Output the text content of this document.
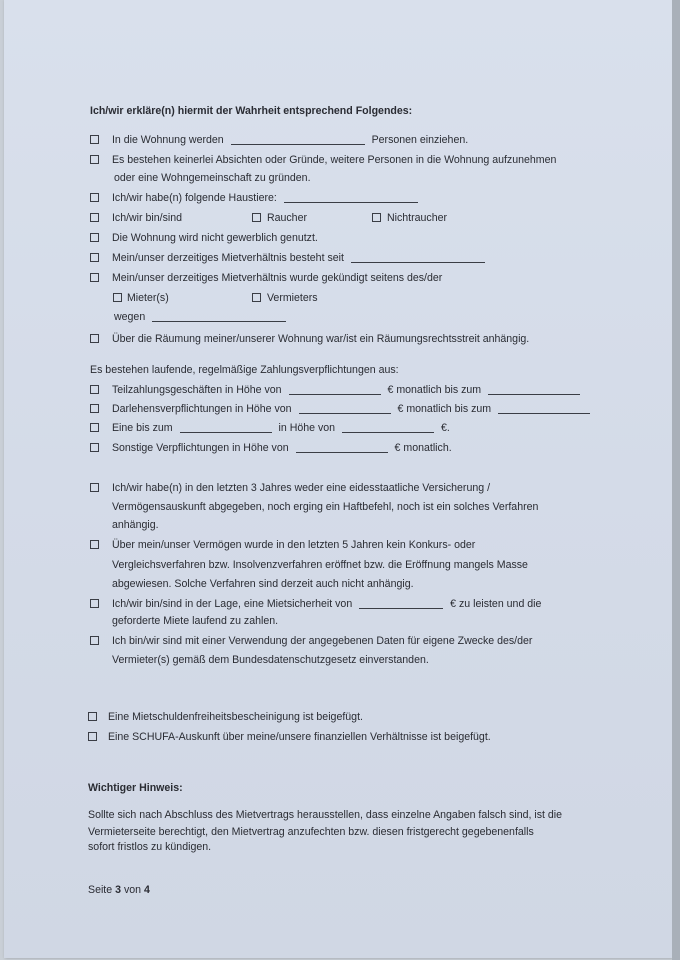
Ich/wir erkläre(n) hiermit der Wahrheit entsprechend Folgendes:
In die Wohnung werden	Personen einziehen.
Es bestehen keinerlei Absichten oder Gründe, weitere Personen in die Wohnung aufzunehmen
oder eine Wohngemeinschaft zu gründen.
Ich/wir habe(n) folgende Haustiere:
Ich/wir bin/sind	Raucher	Nichtraucher
Die Wohnung wird nicht gewerblich genutzt.
Mein/unser derzeitiges Mietverhältnis besteht seit
Mein/unser derzeitiges Mietverhältnis wurde gekündigt seitens des/der
Mieter(s)	Vermieters
wegen
Über die Räumung meiner/unserer Wohnung war/ist ein Räumungsrechtsstreit anhängig.
Es bestehen laufende, regelmäßige Zahlungsverpflichtungen aus:
Teilzahlungsgeschäften in Höhe von	€ monatlich bis zum
Darlehensverpflichtungen in Höhe von	€ monatlich bis zum
Eine bis zum	in Höhe von	€.
Sonstige Verpflichtungen in Höhe von	€ monatlich.
Ich/wir habe(n) in den letzten 3 Jahres weder eine eidesstaatliche Versicherung /
Vermögensauskunft abgegeben, noch erging ein Haftbefehl, noch ist ein solches Verfahren
anhängig.
Über mein/unser Vermögen wurde in den letzten 5 Jahren kein Konkurs- oder
Vergleichsverfahren bzw. Insolvenzverfahren eröffnet bzw. die Eröffnung mangels Masse
abgewiesen. Solche Verfahren sind derzeit auch nicht anhängig.
Ich/wir bin/sind in der Lage, eine Mietsicherheit von	€ zu leisten und die
geforderte Miete laufend zu zahlen.
Ich bin/wir sind mit einer Verwendung der angegebenen Daten für eigene Zwecke des/der
Vermieter(s) gemäß dem Bundesdatenschutzgesetz einverstanden.
Eine Mietschuldenfreiheitsbescheinigung ist beigefügt.
Eine SCHUFA-Auskunft über meine/unsere finanziellen Verhältnisse ist beigefügt.
Wichtiger Hinweis:
Sollte sich nach Abschluss des Mietvertrags herausstellen, dass einzelne Angaben falsch sind, ist die
Vermieterseite berechtigt, den Mietvertrag anzufechten bzw. diesen fristgerecht gegebenenfalls
sofort fristlos zu kündigen.
Seite 3 von 4
